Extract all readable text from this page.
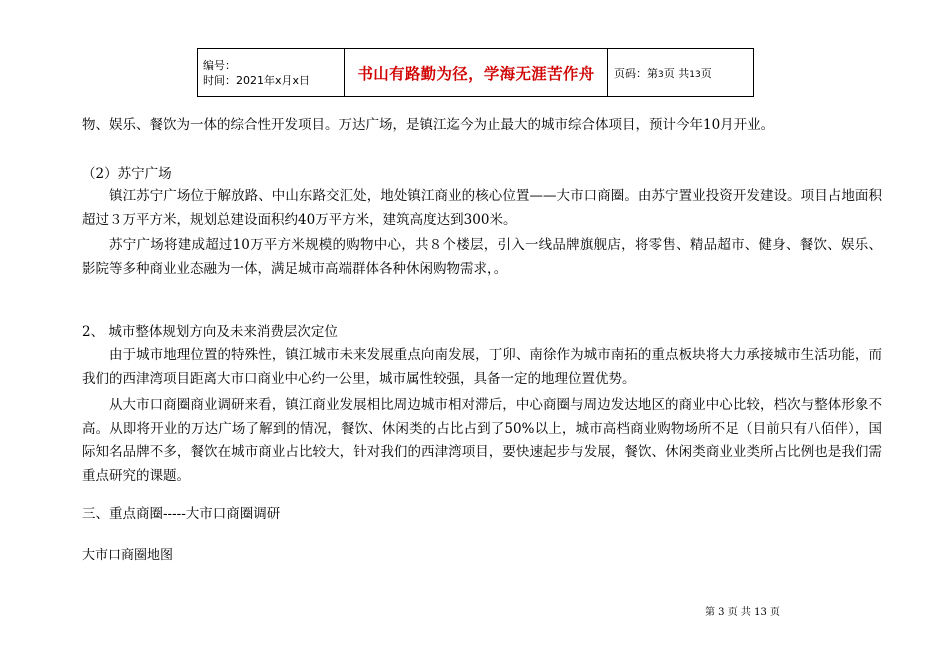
编号：
时间：2021年x月x日	书山有路勤为径，学海无涯苦作舟	页码：第3页 共13页
物、娱乐、餐饮为一体的综合性开发项目。万达广场，是镇江迄今为止最大的城市综合体项目，预计今年10月开业。
（2）苏宁广场
镇江苏宁广场位于解放路、中山东路交汇处，地处镇江商业的核心位置——大市口商圈。由苏宁置业投资开发建设。项目占地面积超过３万平方米，规划总建设面积约40万平方米，建筑高度达到300米。
苏宁广场将建成超过10万平方米规模的购物中心，共８个楼层，引入一线品牌旗舰店，将零售、精品超市、健身、餐饮、娱乐、影院等多种商业业态融为一体，满足城市高端群体各种休闲购物需求，。
2、 城市整体规划方向及未来消费层次定位
由于城市地理位置的特殊性，镇江城市未来发展重点向南发展，丁卯、南徐作为城市南拓的重点板块将大力承接城市生活功能，而我们的西津湾项目距离大市口商业中心约一公里，城市属性较强，具备一定的地理位置优势。
从大市口商圈商业调研来看，镇江商业发展相比周边城市相对滞后，中心商圈与周边发达地区的商业中心比较，档次与整体形象不高。从即将开业的万达广场了解到的情况，餐饮、休闲类的占比占到了50%以上，城市高档商业购物场所不足（目前只有八佰伴），国际知名品牌不多，餐饮在城市商业占比较大，针对我们的西津湾项目，要快速起步与发展，餐饮、休闲类商业业类所占比例也是我们需重点研究的课题。
三、重点商圈-----大市口商圈调研
大市口商圈地图
第 3 页 共 13 页
